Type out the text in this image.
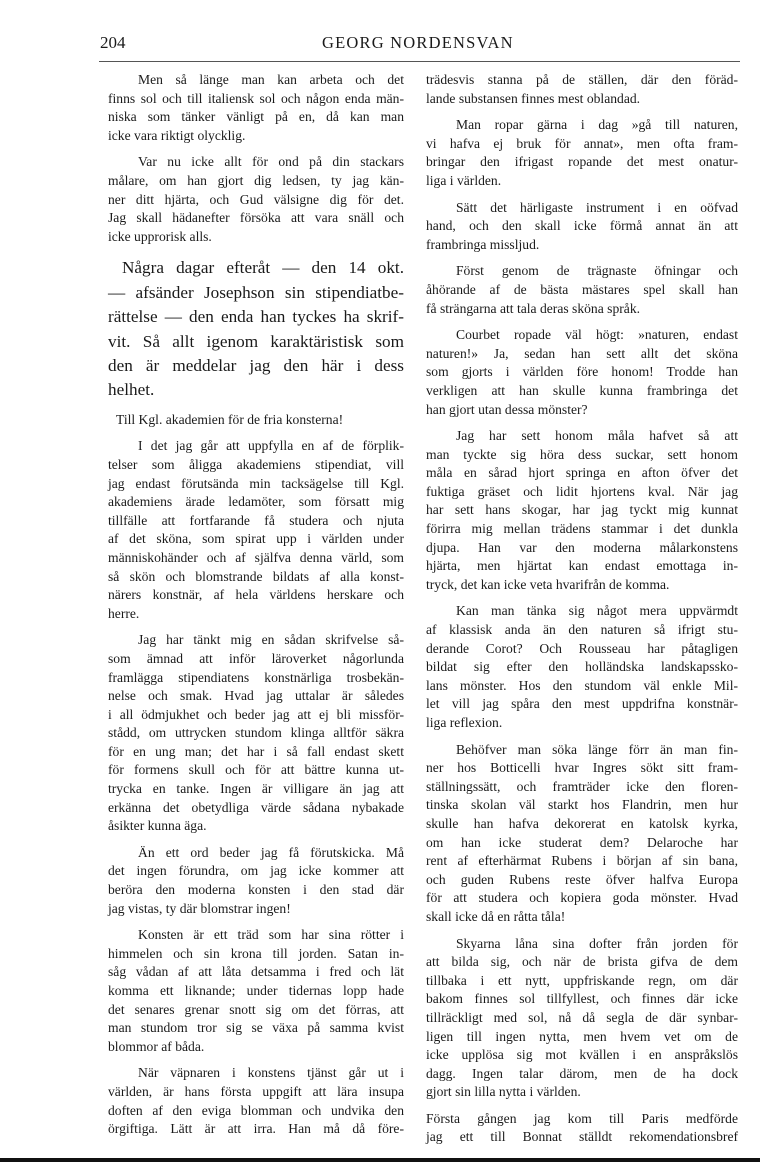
204	GEORG NORDENSVAN
Men så länge man kan arbeta och det
finns sol och till italiensk sol och någon enda män-
niska som tänker vänligt på en, då kan man
icke vara riktigt olycklig.
Var nu icke allt för ond på din stackars
målare, om han gjort dig ledsen, ty jag kän-
ner ditt hjärta, och Gud välsigne dig för det.
Jag skall hädanefter försöka att vara snäll och
icke upprorisk alls.
Några dagar efteråt — den 14 okt.
— afsänder Josephson sin stipendiatbe-
rättelse — den enda han tyckes ha skrif-
vit. Så allt igenom karaktäristisk som
den är meddelar jag den här i dess
helhet.
Till Kgl. akademien för de fria konsterna!
I det jag går att uppfylla en af de förplik-
telser som åligga akademiens stipendiat, vill
jag endast förutsända min tacksägelse till Kgl.
akademiens ärade ledamöter, som försatt mig
tillfälle att fortfarande få studera och njuta
af det sköna, som spirat upp i världen under
människohänder och af själfva denna värld, som
så skön och blomstrande bildats af alla konst-
närers konstnär, af hela världens herskare och
herre.
Jag har tänkt mig en sådan skrifvelse så-
som ämnad att inför läroverket någorlunda
framlägga stipendiatens konstnärliga trosbekän-
nelse och smak. Hvad jag uttalar är således
i all ödmjukhet och beder jag att ej bli missför-
stådd, om uttrycken stundom klinga alltför säkra
för en ung man; det har i så fall endast skett
för formens skull och för att bättre kunna ut-
trycka en tanke. Ingen är villigare än jag att
erkänna det obetydliga värde sådana nybakade
åsikter kunna äga.
Än ett ord beder jag få förutskicka. Må
det ingen förundra, om jag icke kommer att
beröra den moderna konsten i den stad där
jag vistas, ty där blomstrar ingen!
Konsten är ett träd som har sina rötter i
himmelen och sin krona till jorden. Satan in-
såg vådan af att låta detsamma i fred och lät
komma ett liknande; under tidernas lopp hade
det senares grenar snott sig om det förras, att
man stundom tror sig se växa på samma kvist
blommor af båda.
När väpnaren i konstens tjänst går ut i
världen, är hans första uppgift att lära insupa
doften af den eviga blomman och undvika den
örgiftiga. Lätt är att irra. Han må då före-
trädesvis stanna på de ställen, där den föräd-
lande substansen finnes mest oblandad.
Man ropar gärna i dag »gå till naturen,
vi hafva ej bruk för annat», men ofta fram-
bringar den ifrigast ropande det mest onatur-
liga i världen.
Sätt det härligaste instrument i en oöfvad
hand, och den skall icke förmå annat än att
frambringa missljud.
Först genom de trägnaste öfningar och
åhörande af de bästa mästares spel skall han
få strängarna att tala deras sköna språk.
Courbet ropade väl högt: »naturen, endast
naturen!» Ja, sedan han sett allt det sköna
som gjorts i världen före honom! Trodde han
verkligen att han skulle kunna frambringa det
han gjort utan dessa mönster?
Jag har sett honom måla hafvet så att
man tyckte sig höra dess suckar, sett honom
måla en sårad hjort springa en afton öfver det
fuktiga gräset och lidit hjortens kval. När jag
har sett hans skogar, har jag tyckt mig kunnat
förirra mig mellan trädens stammar i det dunkla
djupa. Han var den moderna målarkonstens
hjärta, men hjärtat kan endast emottaga in-
tryck, det kan icke veta hvarifrån de komma.
Kan man tänka sig något mera uppvärmdt
af klassisk anda än den naturen så ifrigt stu-
derande Corot? Och Rousseau har påtagligen
bildat sig efter den holländska landskapssko-
lans mönster. Hos den stundom väl enkle Mil-
let vill jag spåra den mest uppdrifna konstnär-
liga reflexion.
Behöfver man söka länge förr än man fin-
ner hos Botticelli hvar Ingres sökt sitt fram-
ställningssätt, och framträder icke den floren-
tinska skolan väl starkt hos Flandrin, men hur
skulle han hafva dekorerat en katolsk kyrka,
om han icke studerat dem? Delaroche har
rent af efterhärmat Rubens i början af sin bana,
och guden Rubens reste öfver halfva Europa
för att studera och kopiera goda mönster. Hvad
skall icke då en råtta tåla!
Skyarna låna sina dofter från jorden för
att bilda sig, och när de brista gifva de dem
tillbaka i ett nytt, uppfriskande regn, om där
bakom finnes sol tillfyllest, och finnes där icke
tillräckligt med sol, nå då segla de där synbar-
ligen till ingen nytta, men hvem vet om de
icke upplösa sig mot kvällen i en anspråkslös
dagg. Ingen talar därom, men de ha dock
gjort sin lilla nytta i världen.
Första gången jag kom till Paris medförde
jag ett till Bonnat ställdt rekomendationsbref
